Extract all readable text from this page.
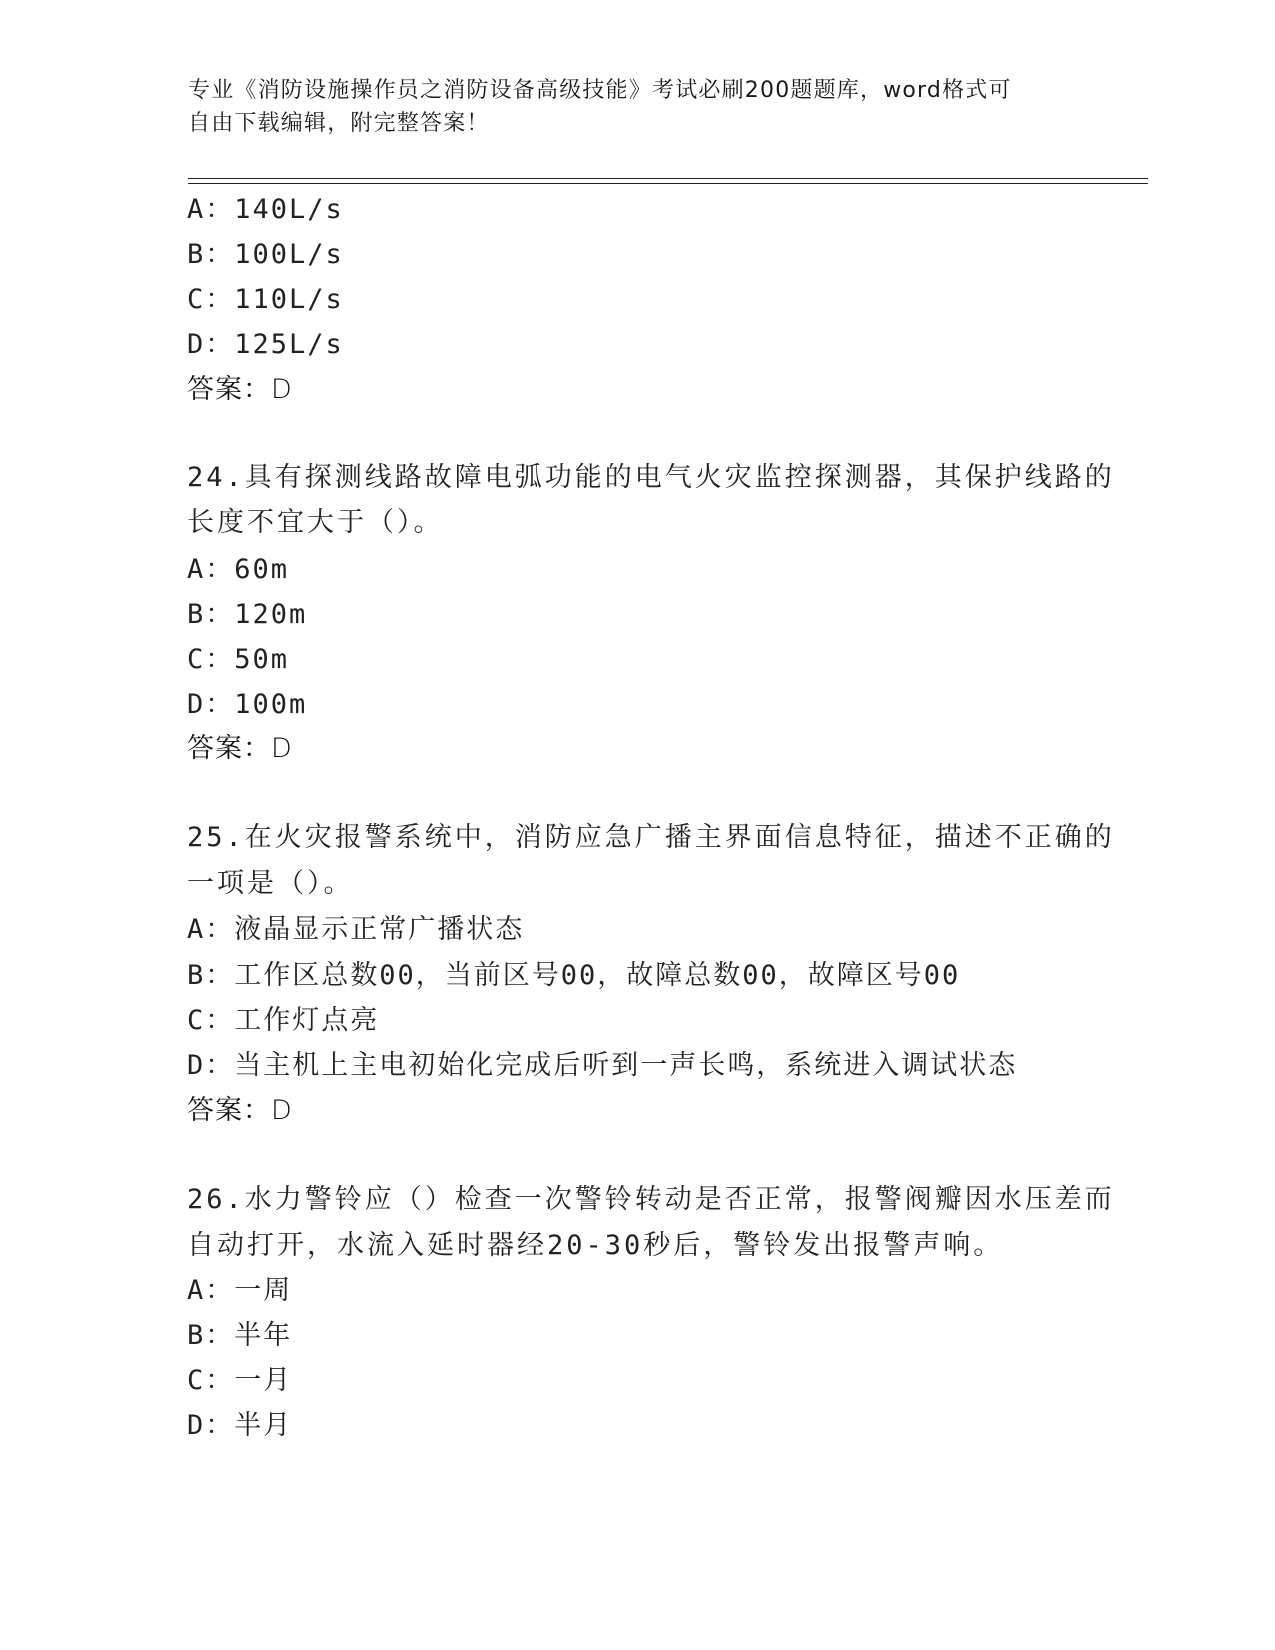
专业《消防设施操作员之消防设备高级技能》考试必刷200题题库，word格式可
自由下载编辑，附完整答案！
A：140L/s
B：100L/s
C：110L/s
D：125L/s
答案：D
24.具有探测线路故障电弧功能的电气火灾监控探测器，其保护线路的
长度不宜大于（）。
A：60m
B：120m
C：50m
D：100m
答案：D
25.在火灾报警系统中，消防应急广播主界面信息特征，描述不正确的
一项是（）。
A：液晶显示正常广播状态
B：工作区总数00，当前区号00，故障总数00，故障区号00
C：工作灯点亮
D：当主机上主电初始化完成后听到一声长鸣，系统进入调试状态
答案：D
26.水力警铃应（）检查一次警铃转动是否正常，报警阀瓣因水压差而
自动打开，水流入延时器经20-30秒后，警铃发出报警声响。
A：一周
B：半年
C：一月
D：半月
